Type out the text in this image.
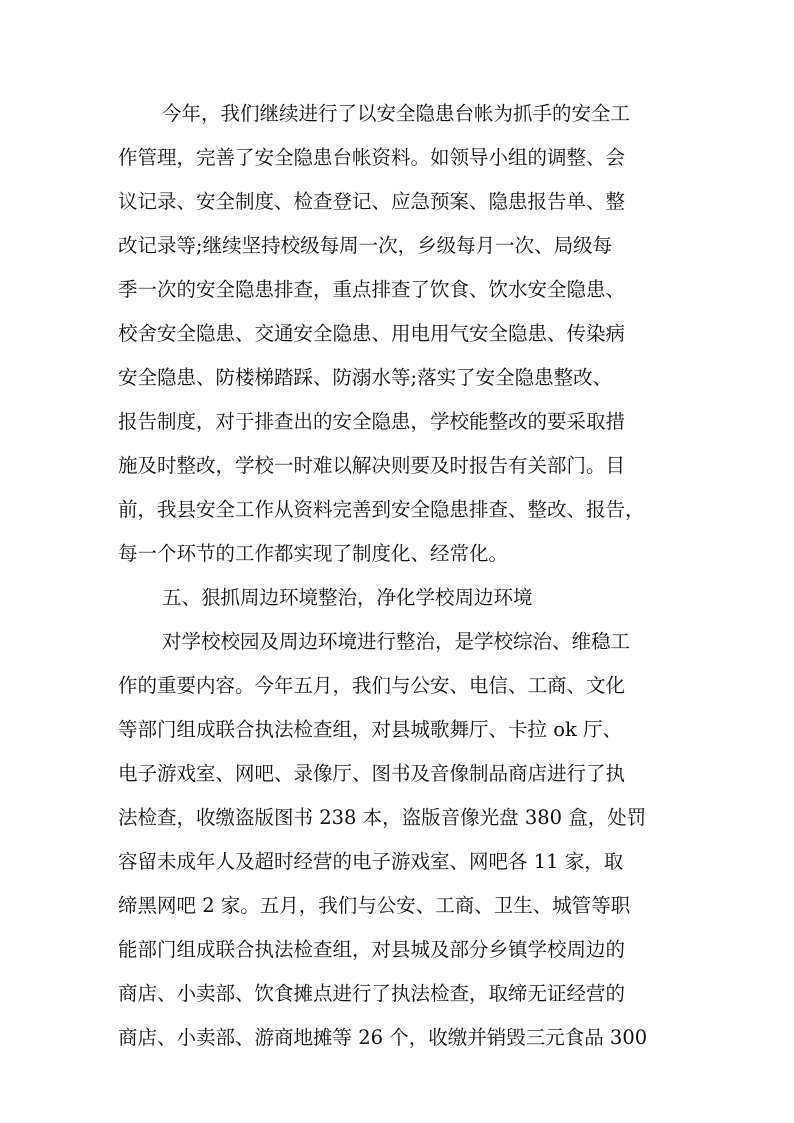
今年，我们继续进行了以安全隐患台帐为抓手的安全工
作管理，完善了安全隐患台帐资料。如领导小组的调整、会
议记录、安全制度、检查登记、应急预案、隐患报告单、整
改记录等;继续坚持校级每周一次，乡级每月一次、局级每
季一次的安全隐患排查，重点排查了饮食、饮水安全隐患、
校舍安全隐患、交通安全隐患、用电用气安全隐患、传染病
安全隐患、防楼梯踏踩、防溺水等;落实了安全隐患整改、
报告制度，对于排查出的安全隐患，学校能整改的要采取措
施及时整改，学校一时难以解决则要及时报告有关部门。目
前，我县安全工作从资料完善到安全隐患排查、整改、报告，
每一个环节的工作都实现了制度化、经常化。
五、狠抓周边环境整治，净化学校周边环境
对学校校园及周边环境进行整治，是学校综治、维稳工
作的重要内容。今年五月，我们与公安、电信、工商、文化
等部门组成联合执法检查组，对县城歌舞厅、卡拉 ok 厅、
电子游戏室、网吧、录像厅、图书及音像制品商店进行了执
法检查，收缴盗版图书 238 本，盗版音像光盘 380 盒，处罚
容留未成年人及超时经营的电子游戏室、网吧各 11 家，取
缔黑网吧 2 家。五月，我们与公安、工商、卫生、城管等职
能部门组成联合执法检查组，对县城及部分乡镇学校周边的
商店、小卖部、饮食摊点进行了执法检查，取缔无证经营的
商店、小卖部、游商地摊等 26 个，收缴并销毁三元食品 300
